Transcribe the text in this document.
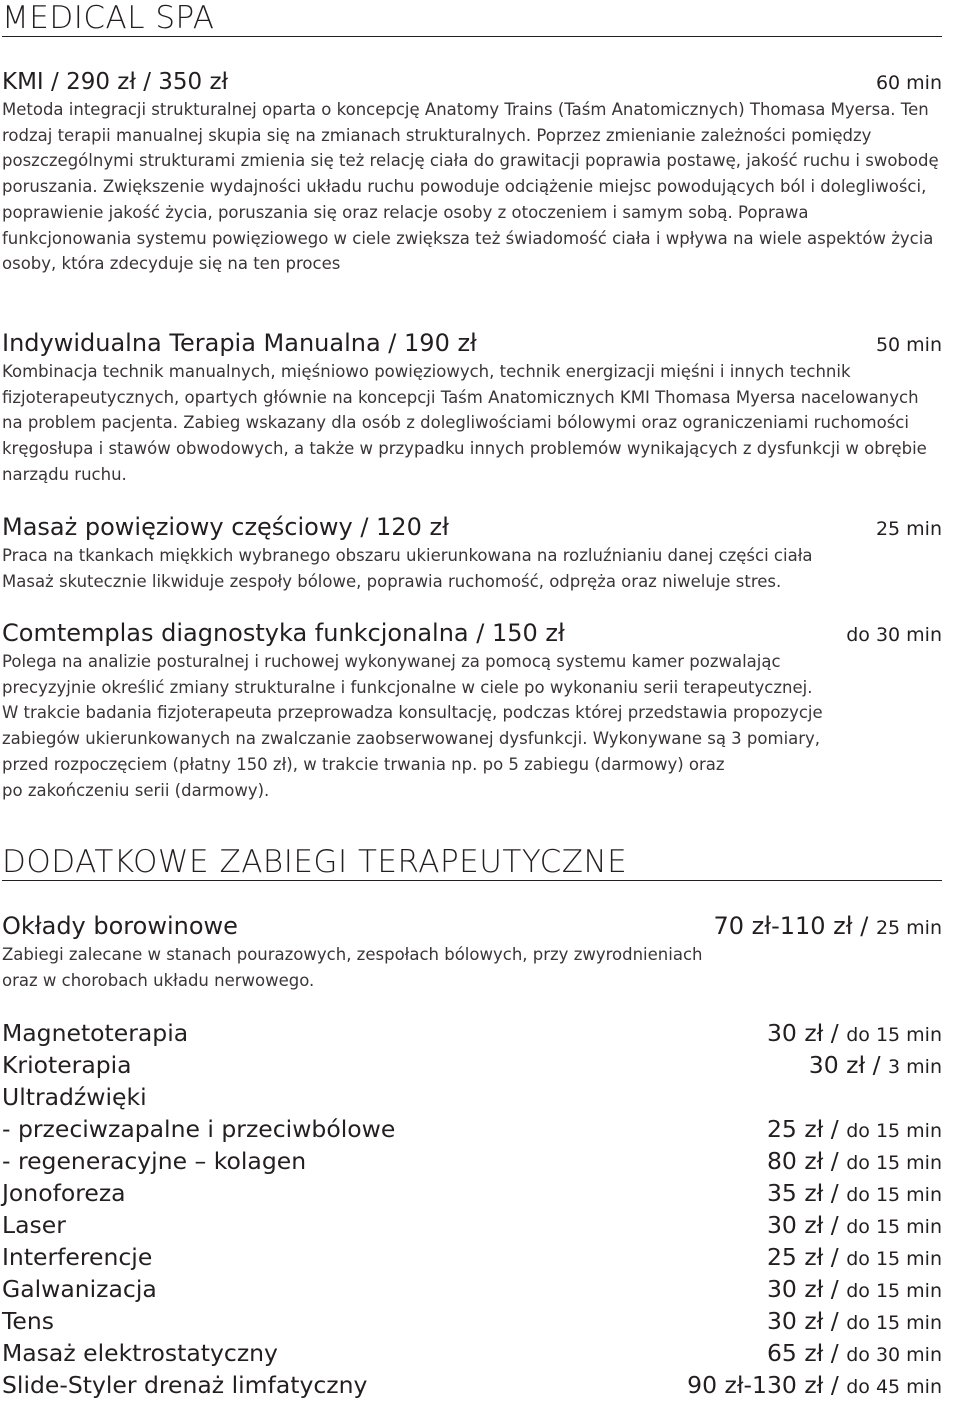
MEDICAL SPA
KMI / 290 zł / 350 zł	60 min

Metoda integracji strukturalnej oparta o koncepcję Anatomy Trains (Taśm Anatomicznych) Thomasa Myersa. Ten rodzaj terapii manualnej skupia się na zmianach strukturalnych. Poprzez zmienianie zależności pomiędzy poszczególnymi strukturami zmienia się też relację ciała do grawitacji poprawia postawę, jakość ruchu i swobodę poruszania. Zwiększenie wydajności układu ruchu powoduje odciążenie miejsc powodujących ból i dolegliwości, poprawienie jakość życia, poruszania się oraz relacje osoby z otoczeniem i samym sobą. Poprawa funkcjonowania systemu powięziowego w ciele zwiększa też świadomość ciała i wpływa na wiele aspektów życia osoby, która zdecyduje się na ten proces

Indywidualna Terapia Manualna / 190 zł	50 min

Kombinacja technik manualnych, mięśniowo powięziowych, technik energizacji mięśni i innych technik fizjoterapeutycznych, opartych głównie na koncepcji Taśm Anatomicznych KMI Thomasa Myersa nacelowanych na problem pacjenta. Zabieg wskazany dla osób z dolegliwościami bólowymi oraz ograniczeniami ruchomości kręgosłupa i stawów obwodowych, a także w przypadku innych problemów wynikających z dysfunkcji w obrębie narządu ruchu.

Masaż powięziowy częściowy / 120 zł	25 min

Praca na tkankach miękkich wybranego obszaru ukierunkowana na rozluźnianiu danej części ciała

Masaż skutecznie likwiduje zespoły bólowe, poprawia ruchomość, odpręża oraz niweluje stres.

Comtemplas diagnostyka funkcjonalna / 150 zł	do 30 min

Polega na analizie posturalnej i ruchowej wykonywanej za pomocą systemu kamer pozwalając

precyzyjnie określić zmiany strukturalne i funkcjonalne w ciele po wykonaniu serii terapeutycznej.

W trakcie badania fizjoterapeuta przeprowadza konsultację, podczas której przedstawia propozycje

zabiegów ukierunkowanych na zwalczanie zaobserwowanej dysfunkcji. Wykonywane są 3 pomiary,

przed rozpoczęciem (płatny 150 zł), w trakcie trwania np. po 5 zabiegu (darmowy) oraz

po zakończeniu serii (darmowy).

DODATKOWE ZABIEGI TERAPEUTYCZNE
Okłady borowinowe	70 zł-110 zł / 25 min

Zabiegi zalecane w stanach pourazowych, zespołach bólowych, przy zwyrodnieniach

oraz w chorobach układu nerwowego.

Magnetoterapia	30 zł / do 15 min
Krioterapia	30 zł / 3 min
Ultradźwięki
- przeciwzapalne i przeciwbólowe	25 zł / do 15 min
- regeneracyjne – kolagen	80 zł / do 15 min
Jonoforeza	35 zł / do 15 min
Laser	30 zł / do 15 min
Interferencje	25 zł / do 15 min
Galwanizacja	30 zł / do 15 min
Tens	30 zł / do 15 min
Masaż elektrostatyczny	65 zł / do 30 min
Slide-Styler drenaż limfatyczny	90 zł-130 zł / do 45 min
